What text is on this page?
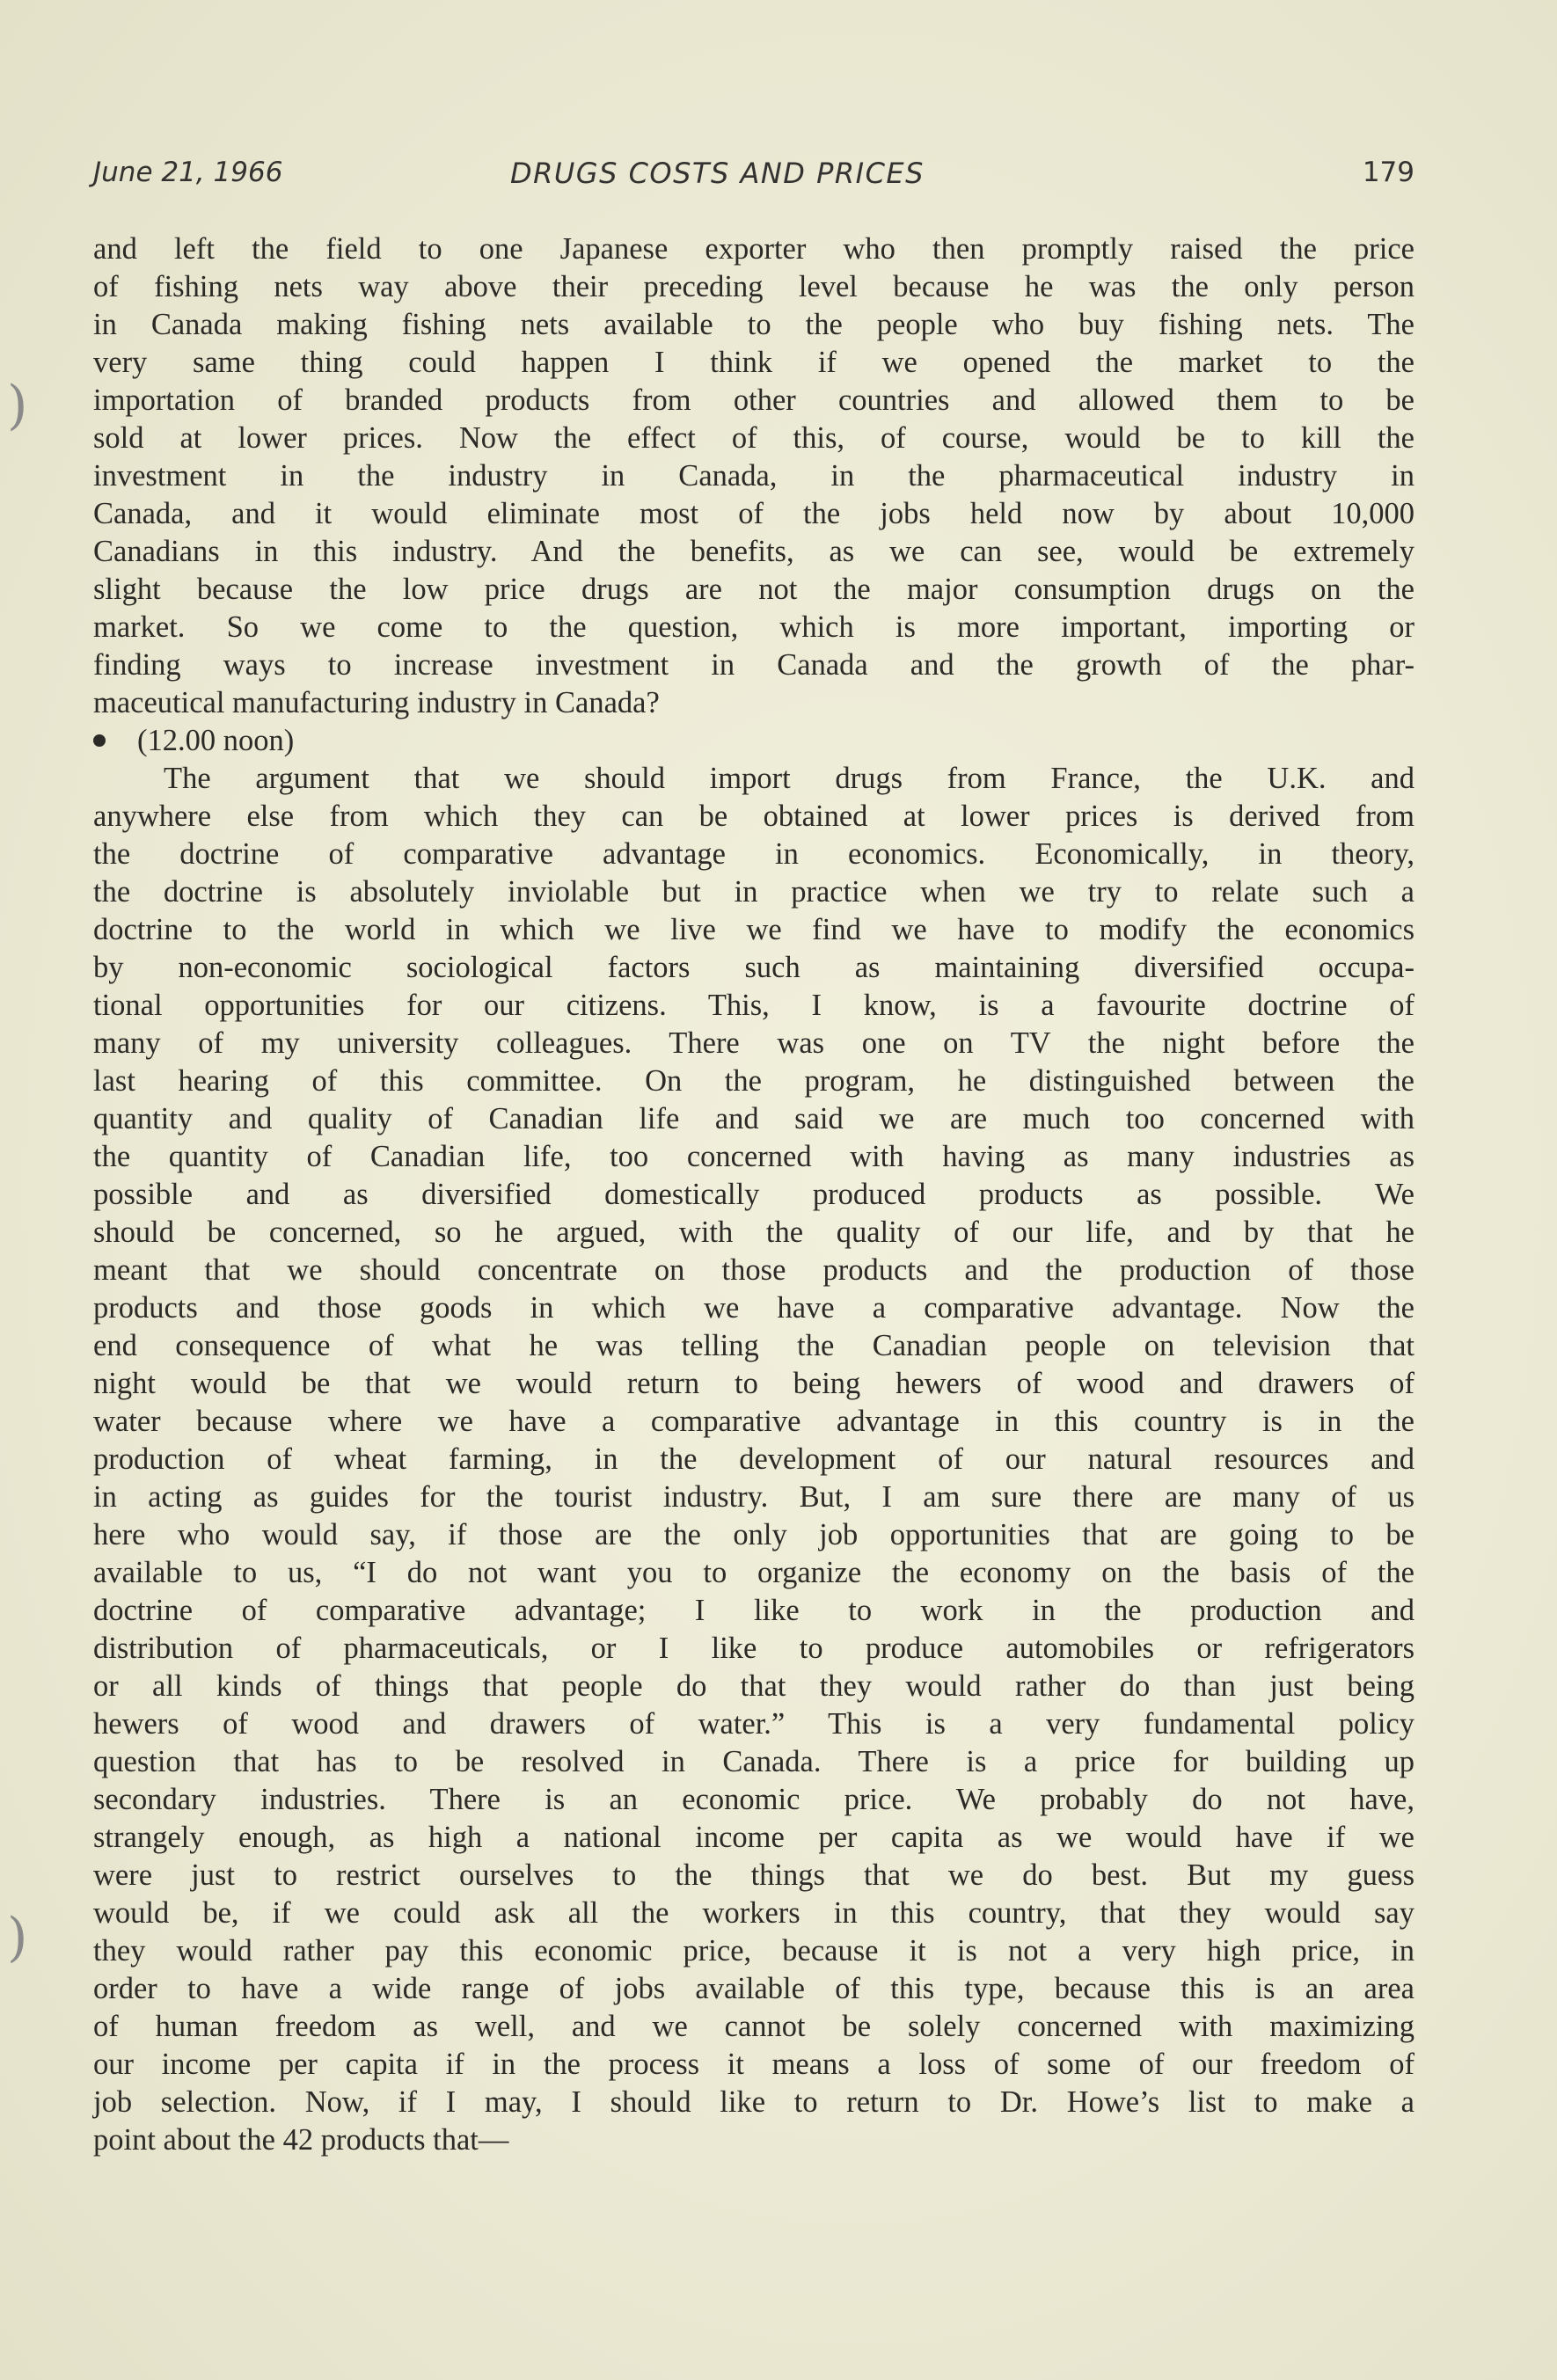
)
)
June 21, 1966	DRUGS COSTS AND PRICES	179
and left the field to one Japanese exporter who then promptly raised the price
of fishing nets way above their preceding level because he was the only person
in Canada making fishing nets available to the people who buy fishing nets. The
very same thing could happen I think if we opened the market to the
importation of branded products from other countries and allowed them to be
sold at lower prices. Now the effect of this, of course, would be to kill the
investment in the industry in Canada, in the pharmaceutical industry in
Canada, and it would eliminate most of the jobs held now by about 10,000
Canadians in this industry. And the benefits, as we can see, would be extremely
slight because the low price drugs are not the major consumption drugs on the
market. So we come to the question, which is more important, importing or
finding ways to increase investment in Canada and the growth of the phar-
maceutical manufacturing industry in Canada?
(12.00 noon)
The argument that we should import drugs from France, the U.K. and
anywhere else from which they can be obtained at lower prices is derived from
the doctrine of comparative advantage in economics. Economically, in theory,
the doctrine is absolutely inviolable but in practice when we try to relate such a
doctrine to the world in which we live we find we have to modify the economics
by non-economic sociological factors such as maintaining diversified occupa-
tional opportunities for our citizens. This, I know, is a favourite doctrine of
many of my university colleagues. There was one on TV the night before the
last hearing of this committee. On the program, he distinguished between the
quantity and quality of Canadian life and said we are much too concerned with
the quantity of Canadian life, too concerned with having as many industries as
possible and as diversified domestically produced products as possible. We
should be concerned, so he argued, with the quality of our life, and by that he
meant that we should concentrate on those products and the production of those
products and those goods in which we have a comparative advantage. Now the
end consequence of what he was telling the Canadian people on television that
night would be that we would return to being hewers of wood and drawers of
water because where we have a comparative advantage in this country is in the
production of wheat farming, in the development of our natural resources and
in acting as guides for the tourist industry. But, I am sure there are many of us
here who would say, if those are the only job opportunities that are going to be
available to us, “I do not want you to organize the economy on the basis of the
doctrine of comparative advantage; I like to work in the production and
distribution of pharmaceuticals, or I like to produce automobiles or refrigerators
or all kinds of things that people do that they would rather do than just being
hewers of wood and drawers of water.” This is a very fundamental policy
question that has to be resolved in Canada. There is a price for building up
secondary industries. There is an economic price. We probably do not have,
strangely enough, as high a national income per capita as we would have if we
were just to restrict ourselves to the things that we do best. But my guess
would be, if we could ask all the workers in this country, that they would say
they would rather pay this economic price, because it is not a very high price, in
order to have a wide range of jobs available of this type, because this is an area
of human freedom as well, and we cannot be solely concerned with maximizing
our income per capita if in the process it means a loss of some of our freedom of
job selection. Now, if I may, I should like to return to Dr. Howe’s list to make a
point about the 42 products that—
